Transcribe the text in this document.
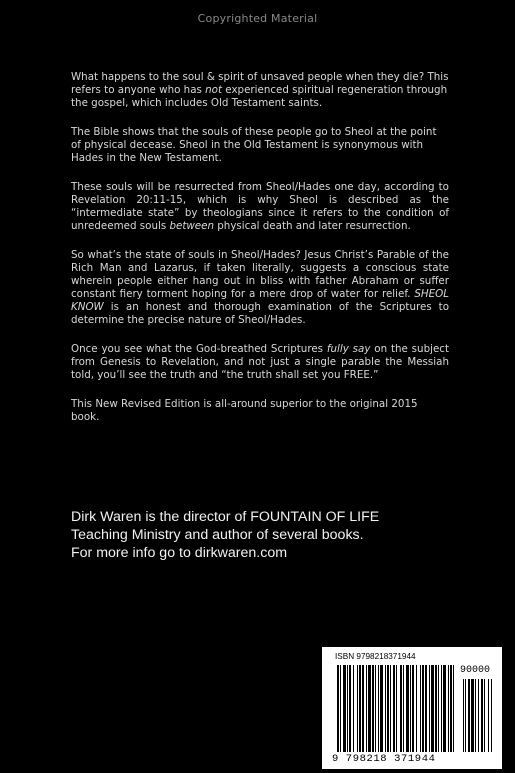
Copyrighted Material

What happens to the soul & spirit of unsaved people when they die? This refers to anyone who has not experienced spiritual regeneration through the gospel, which includes Old Testament saints.

The Bible shows that the souls of these people go to Sheol at the point of physical decease. Sheol in the Old Testament is synonymous with Hades in the New Testament.

These souls will be resurrected from Sheol/Hades one day, according to Revelation 20:11-15, which is why Sheol is described as the “intermediate state” by theologians since it refers to the condition of unredeemed souls between physical death and later resurrection.

So what’s the state of souls in Sheol/Hades? Jesus Christ’s Parable of the Rich Man and Lazarus, if taken literally, suggests a conscious state wherein people either hang out in bliss with father Abraham or suffer constant fiery torment hoping for a mere drop of water for relief. SHEOL KNOW is an honest and thorough examination of the Scriptures to determine the precise nature of Sheol/Hades.

Once you see what the God-breathed Scriptures fully say on the subject from Genesis to Revelation, and not just a single parable the Messiah told, you’ll see the truth and “the truth shall set you FREE.”

This New Revised Edition is all-around superior to the original 2015 book.

Dirk Waren is the director of FOUNTAIN OF LIFE
Teaching Ministry and author of several books.
For more info go to dirkwaren.com
ISBN 9798218371944
90000
9 798218 371944
